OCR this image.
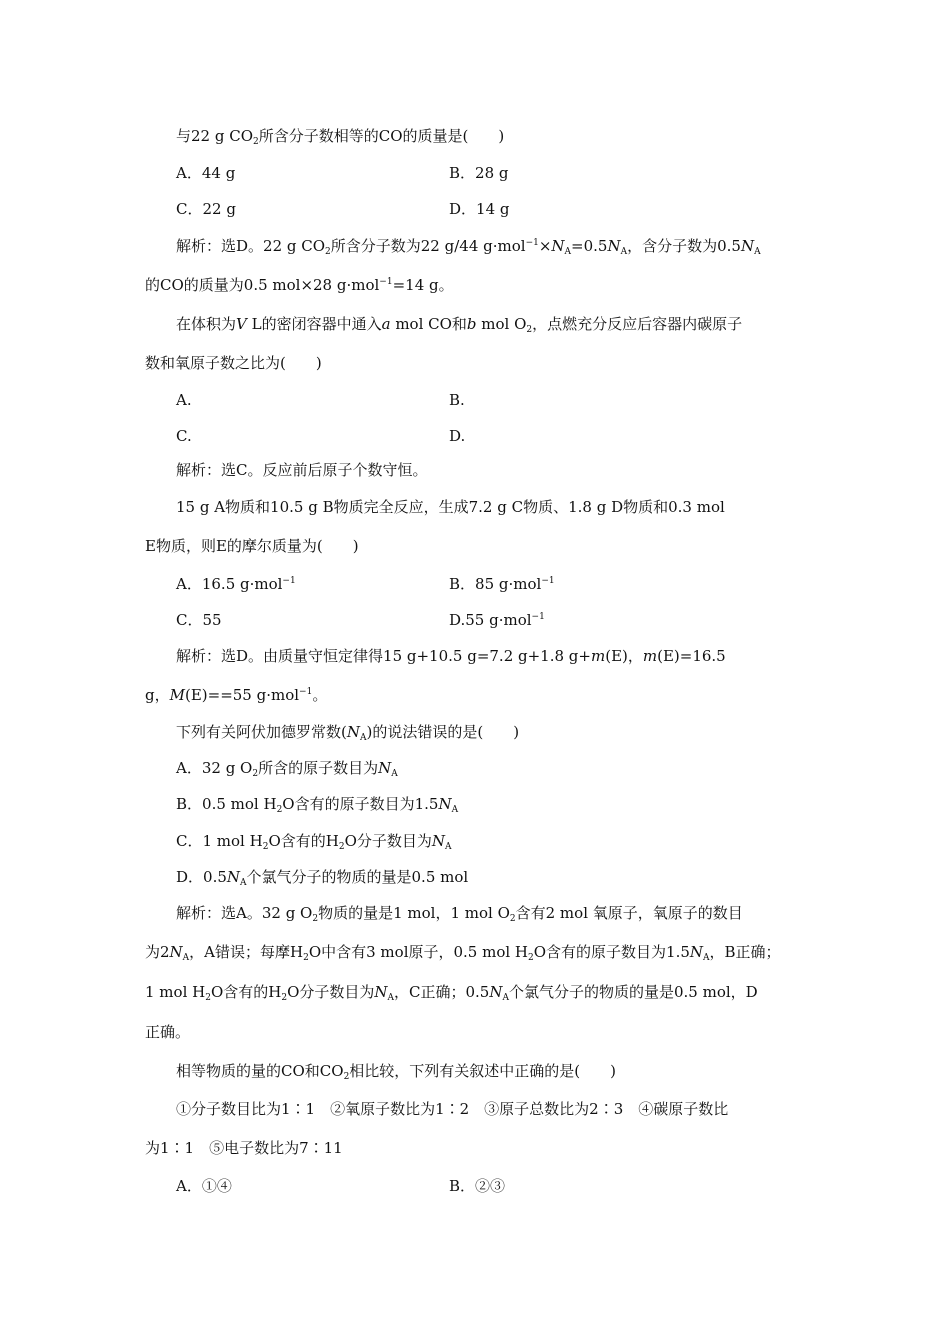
与22 g $CO_2$所含分子数相等的CO的质量是(　　)
A．44 g	B．28 g
C．22 g	D．14 g
解析：选D。22 g $CO_2$所含分子数为22 g/44 $g\cdot mol^{-1}\times N_A=0.5N_A$，含分子数为$0.5N_A$
的CO的质量为0.5 mol×28 g·mol$^{-1}$=14 g。
在体积为V L的密闭容器中通入a mol CO和b mol $O_2$，点燃充分反应后容器内碳原子
数和氧原子数之比为(　　)
A.	B.
C.	D.
解析：选C。反应前后原子个数守恒。
15 g A物质和10.5 g B物质完全反应，生成7.2 g C物质、1.8 g D物质和0.3 mol
E物质，则E的摩尔质量为(　　)
A．16.5 g·mol$^{-1}$	B．85 g·mol$^{-1}$
C．55	D.55 g·mol$^{-1}$
解析：选D。由质量守恒定律得15 g+10.5 g=7.2 g+1.8 g+m(E)，m(E)=16.5
g，M(E)==55 g·mol$^{-1}$。
下列有关阿伏加德罗常数$(N_A)$的说法错误的是(　　)
A．32 g $O_2$所含的原子数目为$N_A$
B．0.5 mol $H_2O$含有的原子数目为$1.5N_A$
C．1 mol $H_2O$含有的$H_2O$分子数目为$N_A$
D．$0.5N_A$个氯气分子的物质的量是0.5 mol
解析：选A。32 g $O_2$物质的量是1 mol，1 mol $O_2$含有2 mol 氧原子，氧原子的数目
为$2N_A$，A错误；每摩$H_2O$中含有3 mol原子，0.5 mol $H_2O$含有的原子数目为$1.5N_A$，B正确；
1 mol $H_2O$含有的$H_2O$分子数目为$N_A$，C正确；$0.5N_A$个氯气分子的物质的量是0.5 mol，D
正确。
相等物质的量的CO和$CO_2$相比较，下列有关叙述中正确的是(　　)
①分子数目比为1∶1　②氧原子数比为1∶2　③原子总数比为2∶3　④碳原子数比
为1∶1　⑤电子数比为7∶11
A．①④	B．②③
